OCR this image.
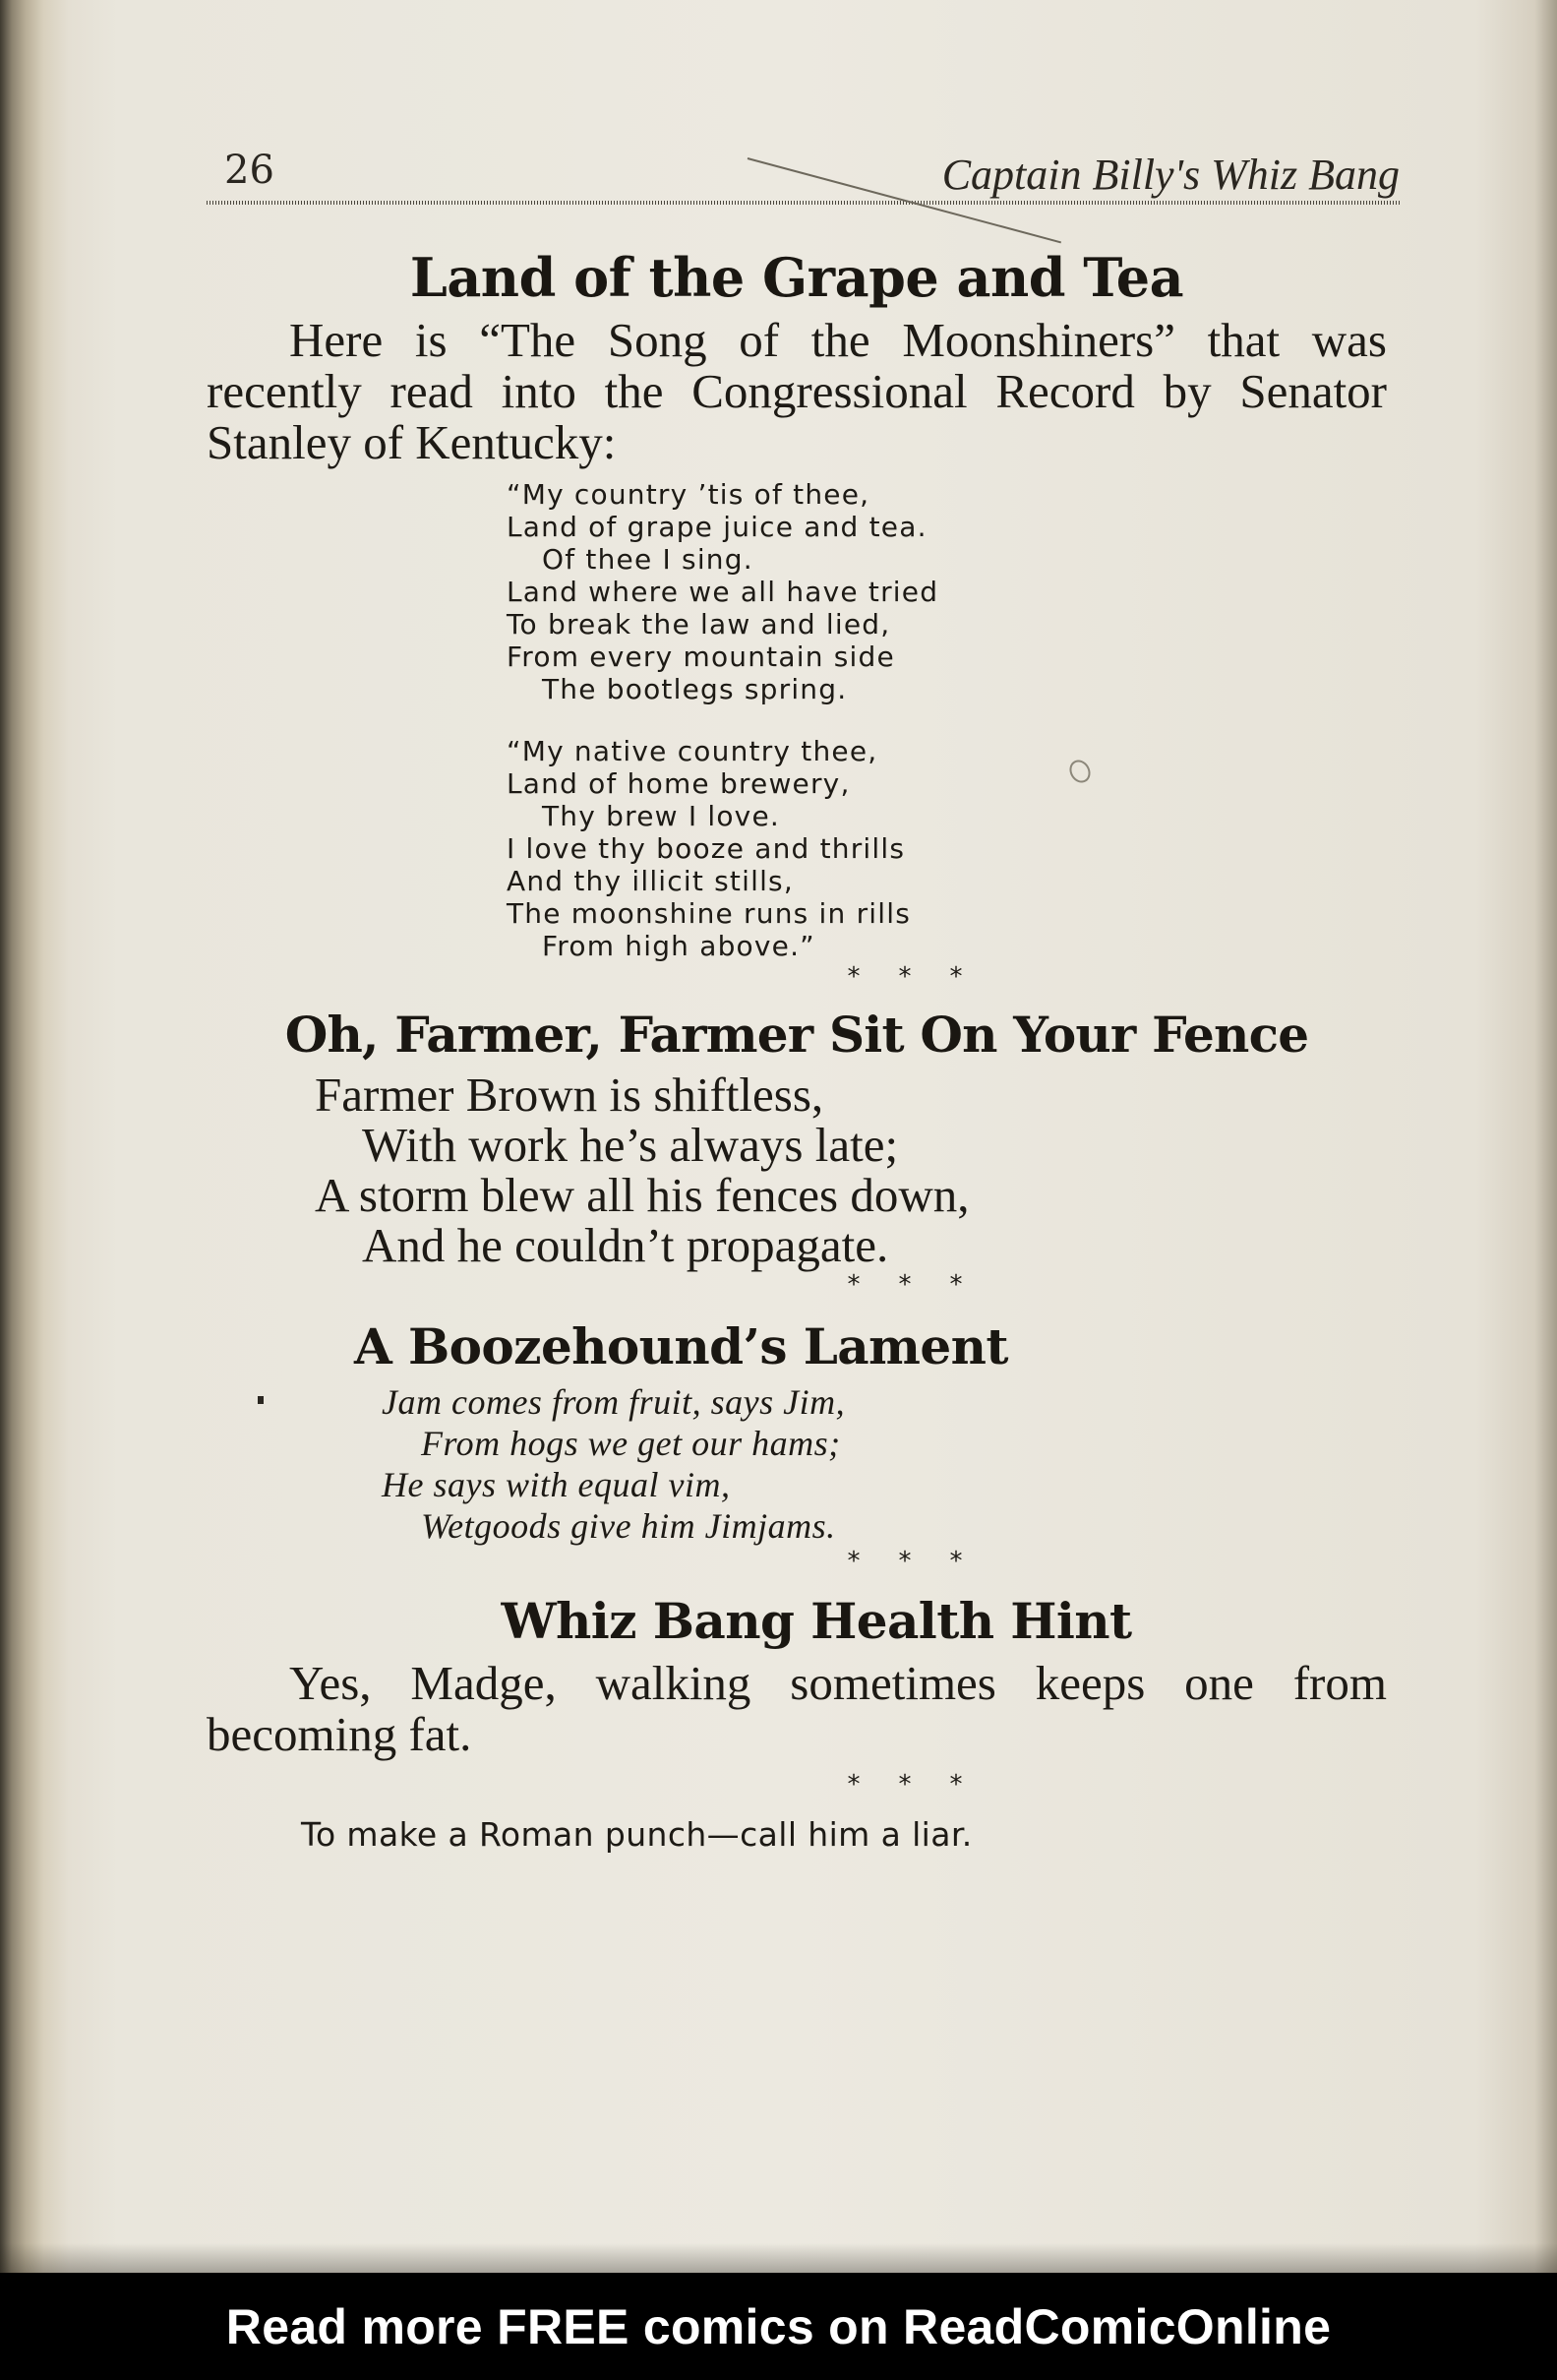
26	Captain Billy's Whiz Bang
Land of the Grape and Tea

Here is “The Song of the Moonshiners” that was recently read into the Congressional Record by Senator Stanley of Kentucky:

“My country ’tis of thee,
Land of grape juice and tea.
Of thee I sing.
Land where we all have tried
To break the law and lied,
From every mountain side
The bootlegs spring.
“My native country thee,
Land of home brewery,
Thy brew I love.
I love thy booze and thrills
And thy illicit stills,
The moonshine runs in rills
From high above.”
* * *
Oh, Farmer, Farmer Sit On Your Fence
Farmer Brown is shiftless,
With work he’s always late;
A storm blew all his fences down,
And he couldn’t propagate.
* * *
A Boozehound’s Lament
Jam comes from fruit, says Jim,
From hogs we get our hams;
He says with equal vim,
Wetgoods give him Jimjams.
* * *
Whiz Bang Health Hint

Yes, Madge, walking sometimes keeps one from becoming fat.

* * *

To make a Roman punch—call him a liar.

Read more FREE comics on ReadComicOnline
